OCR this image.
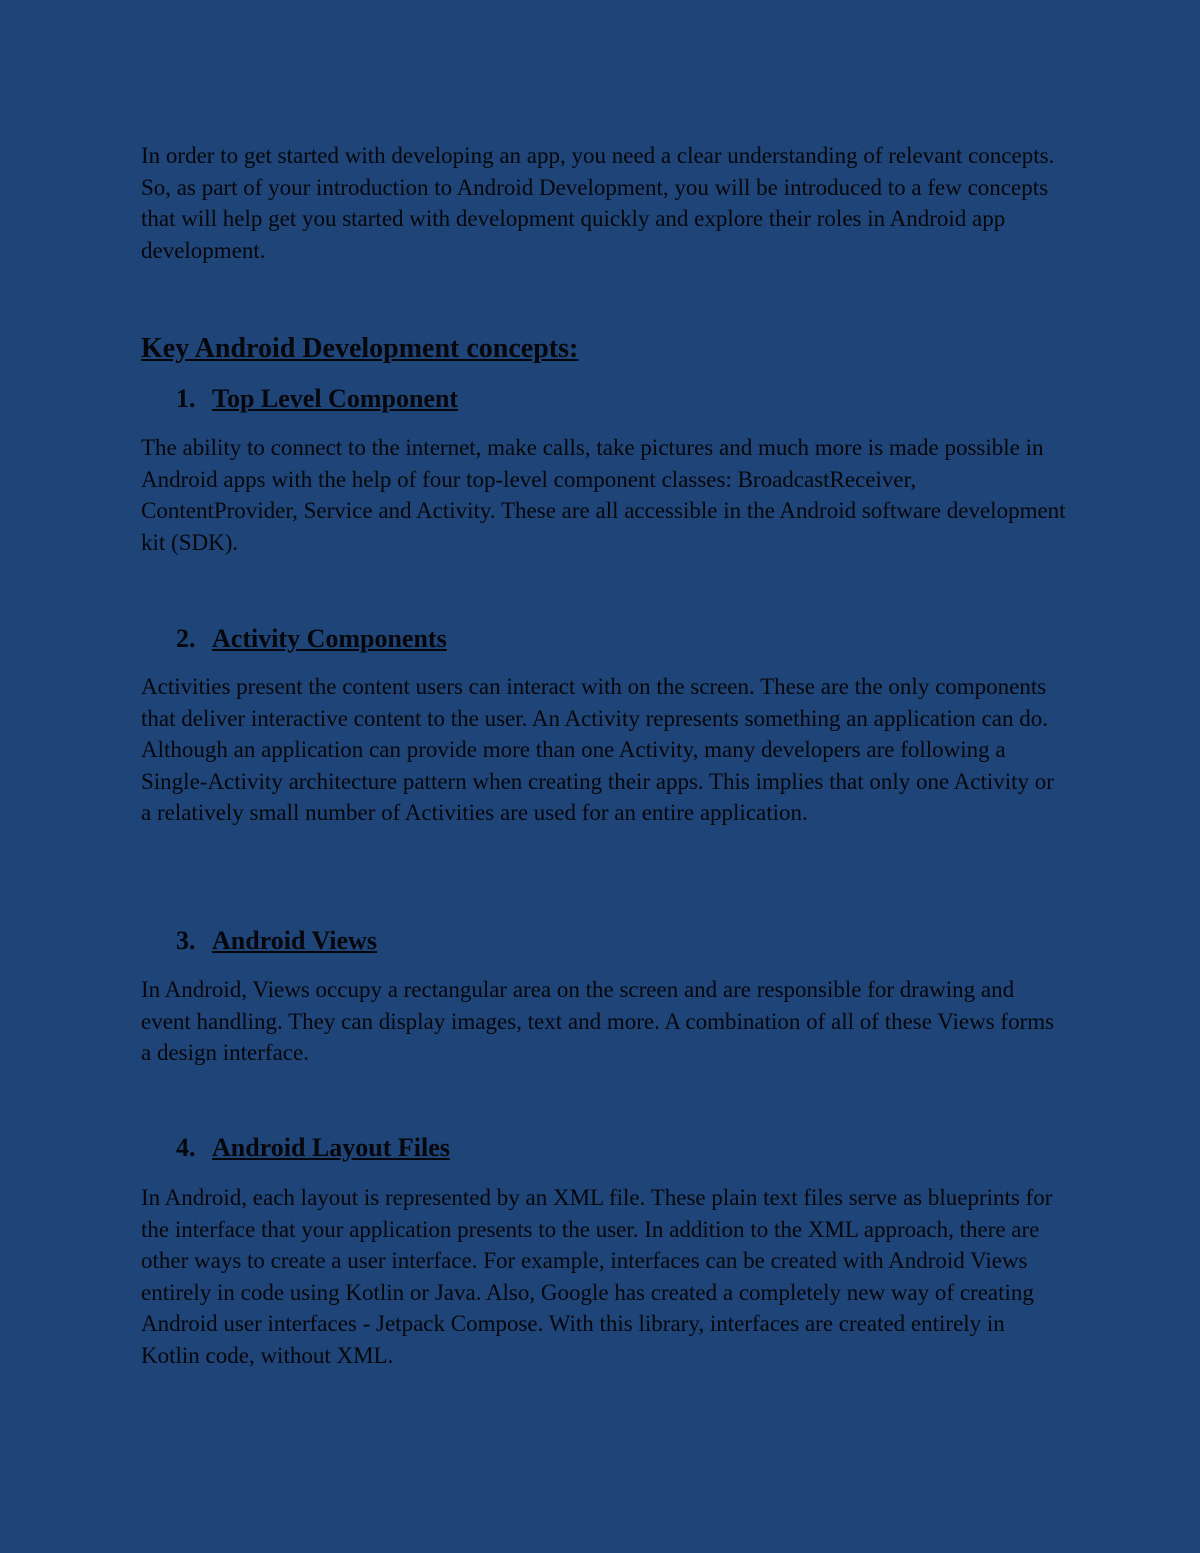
In order to get started with developing an app, you need a clear understanding of relevant concepts. So, as part of your introduction to Android Development, you will be introduced to a few concepts that will help get you started with development quickly and explore their roles in Android app development.

Key Android Development concepts:
1. Top Level Component

The ability to connect to the internet, make calls, take pictures and much more is made possible in Android apps with the help of four top-level component classes: BroadcastReceiver, ContentProvider, Service and Activity. These are all accessible in the Android software development kit (SDK).

2. Activity Components

Activities present the content users can interact with on the screen. These are the only components that deliver interactive content to the user. An Activity represents something an application can do. Although an application can provide more than one Activity, many developers are following a Single-Activity architecture pattern when creating their apps. This implies that only one Activity or a relatively small number of Activities are used for an entire application.

3. Android Views

In Android, Views occupy a rectangular area on the screen and are responsible for drawing and event handling. They can display images, text and more. A combination of all of these Views forms a design interface.

4. Android Layout Files

In Android, each layout is represented by an XML file. These plain text files serve as blueprints for the interface that your application presents to the user. In addition to the XML approach, there are other ways to create a user interface. For example, interfaces can be created with Android Views entirely in code using Kotlin or Java. Also, Google has created a completely new way of creating Android user interfaces - Jetpack Compose. With this library, interfaces are created entirely in Kotlin code, without XML.
